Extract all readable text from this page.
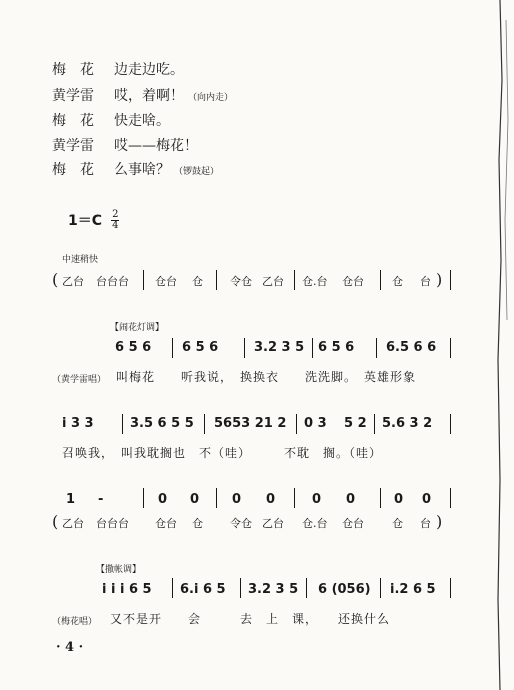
梅　花 边走边吃。
黄学雷 哎，着啊！ （向内走）
梅　花 快走啥。
黄学雷 哎——梅花！
梅　花 么事啥？ （锣鼓起）
$1=C \frac{2}{4}$
中速稍快
( 乙台 台台台 仓台 仓 令仓 乙台 仓.台 仓台	仓 台 )
【闹花灯调】
6 5 6 6 5 6	3.2 3 5 6 5 6 6.5 6 6
（黄学雷唱） 叫梅花　　听我说，　换换衣　　洗洗脚。　英雄形象
i 3 3	3.5 6 5 5 5653 21 2 0 3 5 2 5.6 3 2
召唤我，　叫我耽搁也　不（哇）　　　不耽　搁。（哇）
1 -	0 0	0 0	0 0	0 0
( 乙台 台台台 仓台 仓 令仓 乙台 仓.台 仓台	仓 台 )
【撒帐调】
i i i 6 5 6.i 6 5 3.2 3 5 6 (056) i.2 6 5
（梅花唱） 又不是开　　会　　　去　上　课，　　还换什么
· 4 ·
